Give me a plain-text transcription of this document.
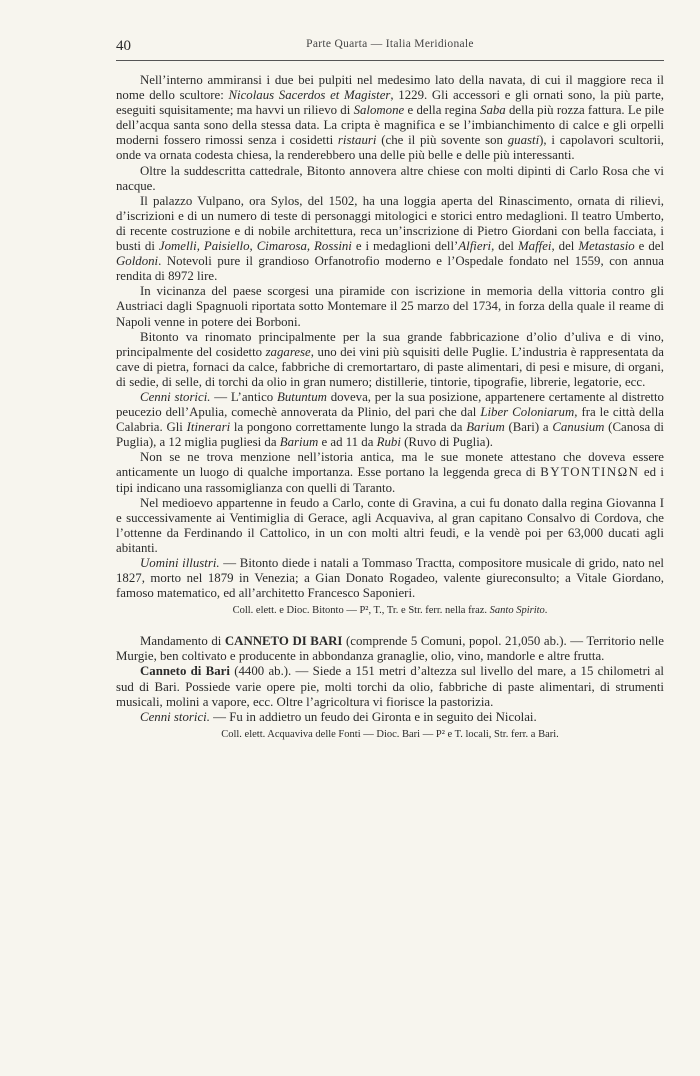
40	Parte Quarta — Italia Meridionale

Nell’interno ammiransi i due bei pulpiti nel medesimo lato della navata, di cui il maggiore reca il nome dello scultore: Nicolaus Sacerdos et Magister, 1229. Gli accessori e gli ornati sono, la più parte, eseguiti squisitamente; ma havvi un rilievo di Salomone e della regina Saba della più rozza fattura. Le pile dell’acqua santa sono della stessa data. La cripta è magnifica e se l’imbianchimento di calce e gli orpelli moderni fossero rimossi senza i cosidetti ristauri (che il più sovente son guasti), i capolavori scultorii, onde va ornata codesta chiesa, la renderebbero una delle più belle e delle più interessanti.

Oltre la suddescritta cattedrale, Bitonto annovera altre chiese con molti dipinti di Carlo Rosa che vi nacque.

Il palazzo Vulpano, ora Sylos, del 1502, ha una loggia aperta del Rinascimento, ornata di rilievi, d’iscrizioni e di un numero di teste di personaggi mitologici e storici entro medaglioni. Il teatro Umberto, di recente costruzione e di nobile architettura, reca un’inscrizione di Pietro Giordani con bella facciata, i busti di Jomelli, Paisiello, Cimarosa, Rossini e i medaglioni dell’Alfieri, del Maffei, del Metastasio e del Goldoni. Notevoli pure il grandioso Orfanotrofio moderno e l’Ospedale fondato nel 1559, con annua rendita di 8972 lire.

In vicinanza del paese scorgesi una piramide con iscrizione in memoria della vittoria contro gli Austriaci dagli Spagnuoli riportata sotto Montemare il 25 marzo del 1734, in forza della quale il reame di Napoli venne in potere dei Borboni.

Bitonto va rinomato principalmente per la sua grande fabbricazione d’olio d’uliva e di vino, principalmente del cosidetto zagarese, uno dei vini più squisiti delle Puglie. L’industria è rappresentata da cave di pietra, fornaci da calce, fabbriche di cremortartaro, di paste alimentari, di pesi e misure, di organi, di sedie, di selle, di torchi da olio in gran numero; distillerie, tintorie, tipografie, librerie, legatorie, ecc.

Cenni storici. — L’antico Butuntum doveva, per la sua posizione, appartenere certamente al distretto peucezio dell’Apulia, comechè annoverata da Plinio, del pari che dal Liber Coloniarum, fra le città della Calabria. Gli Itinerari la pongono correttamente lungo la strada da Barium (Bari) a Canusium (Canosa di Puglia), a 12 miglia pugliesi da Barium e ad 11 da Rubi (Ruvo di Puglia).

Non se ne trova menzione nell’istoria antica, ma le sue monete attestano che doveva essere anticamente un luogo di qualche importanza. Esse portano la leggenda greca di ΒΥΤΟΝΤΙΝΩΝ ed i tipi indicano una rassomiglianza con quelli di Taranto.

Nel medioevo appartenne in feudo a Carlo, conte di Gravina, a cui fu donato dalla regina Giovanna I e successivamente ai Ventimiglia di Gerace, agli Acquaviva, al gran capitano Consalvo di Cordova, che l’ottenne da Ferdinando il Cattolico, in un con molti altri feudi, e la vendè poi per 63,000 ducati agli abitanti.

Uomini illustri. — Bitonto diede i natali a Tommaso Tractta, compositore musicale di grido, nato nel 1827, morto nel 1879 in Venezia; a Gian Donato Rogadeo, valente giureconsulto; a Vitale Giordano, famoso matematico, ed all’architetto Francesco Saponieri.

Coll. elett. e Dioc. Bitonto — P², T., Tr. e Str. ferr. nella fraz. Santo Spirito.

Mandamento di CANNETO DI BARI (comprende 5 Comuni, popol. 21,050 ab.). — Territorio nelle Murgie, ben coltivato e producente in abbondanza granaglie, olio, vino, mandorle e altre frutta.

Canneto di Bari (4400 ab.). — Siede a 151 metri d’altezza sul livello del mare, a 15 chilometri al sud di Bari. Possiede varie opere pie, molti torchi da olio, fabbriche di paste alimentari, di strumenti musicali, molini a vapore, ecc. Oltre l’agricoltura vi fiorisce la pastorizia.

Cenni storici. — Fu in addietro un feudo dei Gironta e in seguito dei Nicolai.

Coll. elett. Acquaviva delle Fonti — Dioc. Bari — P² e T. locali, Str. ferr. a Bari.
